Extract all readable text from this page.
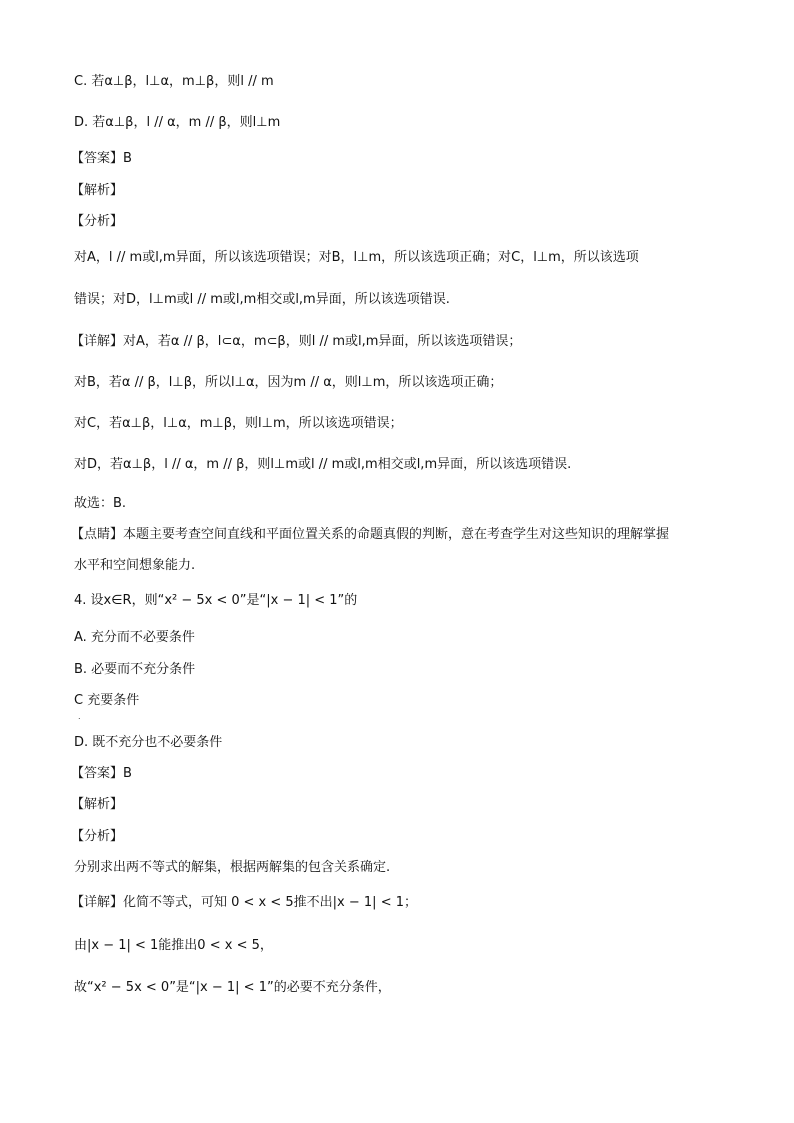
C. 若α⊥β，l⊥α，m⊥β，则l // m
D. 若α⊥β，l // α，m // β，则l⊥m
【答案】B
【解析】
【分析】
对A，l // m或l,m异面，所以该选项错误；对B，l⊥m，所以该选项正确；对C，l⊥m，所以该选项
错误；对D，l⊥m或l // m或l,m相交或l,m异面，所以该选项错误.
【详解】对A，若α // β，l⊂α，m⊂β，则l // m或l,m异面，所以该选项错误；
对B，若α // β，l⊥β，所以l⊥α，因为m // α，则l⊥m，所以该选项正确；
对C，若α⊥β，l⊥α，m⊥β，则l⊥m，所以该选项错误；
对D，若α⊥β，l // α，m // β，则l⊥m或l // m或l,m相交或l,m异面，所以该选项错误.
故选：B.
【点睛】本题主要考查空间直线和平面位置关系的命题真假的判断，意在考查学生对这些知识的理解掌握
水平和空间想象能力.
4. 设x∈R，则“x² − 5x < 0”是“|x − 1| < 1”的
A. 充分而不必要条件
B. 必要而不充分条件
C 充要条件
.
D. 既不充分也不必要条件
【答案】B
【解析】
【分析】
分别求出两不等式的解集，根据两解集的包含关系确定.
【详解】化简不等式，可知 0 < x < 5推不出|x − 1| < 1；
由|x − 1| < 1能推出0 < x < 5，
故“x² − 5x < 0”是“|x − 1| < 1”的必要不充分条件，
